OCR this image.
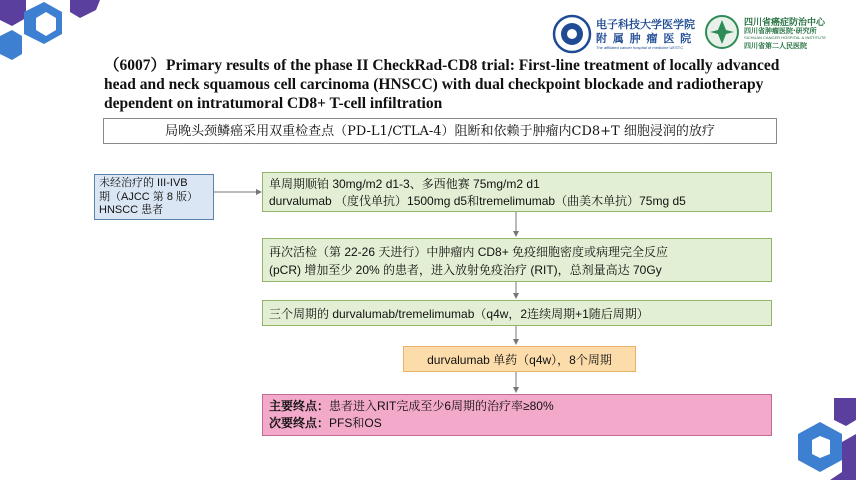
电子科技大学医学院
附 属 肿 瘤 医 院
The affiliated cancer hospital of medicine UESTC
四川省癌症防治中心
四川省肿瘤医院·研究所
SICHUAN CANCER HOSPITAL & INSTITUTE
四川省第二人民医院
（6007）Primary results of the phase II CheckRad-CD8 trial: First-line treatment of locally advanced head and neck squamous cell carcinoma (HNSCC) with dual checkpoint blockade and radiotherapy dependent on intratumoral CD8+ T-cell infiltration
局晚头颈鳞癌采用双重检查点（PD-L1/CTLA-4）阻断和依赖于肿瘤内CD8+T 细胞浸润的放疗
未经治疗的 III-IVB
期（AJCC 第 8 版）
HNSCC 患者
单周期顺铂 30mg/m2 d1-3、多西他赛 75mg/m2 d1
durvalumab （度伐单抗）1500mg d5和tremelimumab（曲美木单抗）75mg d5
再次活检（第 22-26 天进行）中肿瘤内 CD8+ 免疫细胞密度或病理完全反应
(pCR) 增加至少 20% 的患者，进入放射免疫治疗 (RIT)，总剂量高达 70Gy
三个周期的 durvalumab/tremelimumab（q4w，2连续周期+1随后周期）
durvalumab 单药（q4w），8个周期
主要终点：患者进入RIT完成至少6周期的治疗率≥80%
次要终点：PFS和OS
